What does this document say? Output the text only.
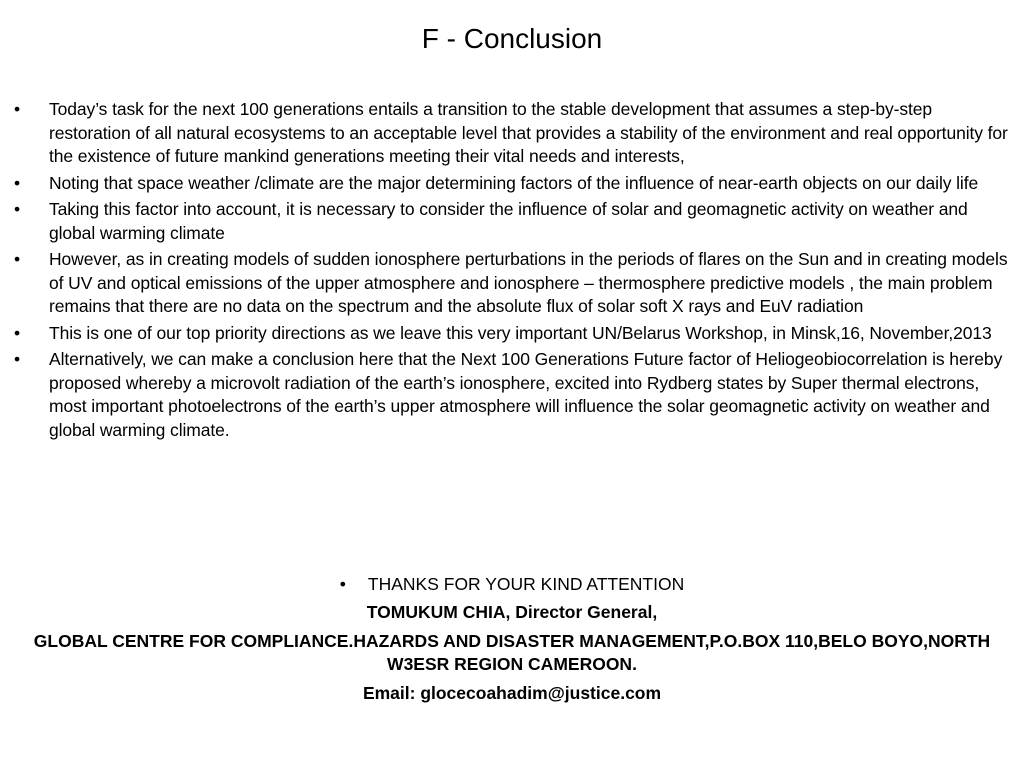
F - Conclusion
• Today’s task for the next 100 generations entails a transition to the stable development that assumes a step-by-step restoration of all natural ecosystems to an acceptable level that provides a stability of the environment and real opportunity for the existence of future mankind generations meeting their vital needs and interests,
• Noting that space weather /climate are the major determining factors of the influence of near-earth objects on our daily life
• Taking this factor into account, it is necessary to consider the influence of solar and geomagnetic activity on weather and global warming climate
• However, as in creating models of sudden ionosphere perturbations in the periods of flares on the Sun and in creating models of UV and optical emissions of the upper atmosphere and ionosphere – thermosphere predictive models , the main problem remains that there are no data on the spectrum and the absolute flux of solar soft X rays and EuV radiation
• This is one of our top priority directions as we leave this very important UN/Belarus Workshop, in Minsk,16, November,2013
• Alternatively, we can make a conclusion here that the Next 100 Generations Future factor of Heliogeobiocorrelation is hereby proposed whereby a microvolt radiation of the earth’s ionosphere, excited into Rydberg states by Super thermal electrons, most important photoelectrons of the earth’s upper atmosphere will influence the solar geomagnetic activity on weather and global warming climate.
• THANKS FOR YOUR KIND ATTENTION
TOMUKUM CHIA, Director General,
GLOBAL CENTRE FOR COMPLIANCE.HAZARDS AND DISASTER MANAGEMENT,P.O.BOX 110,BELO BOYO,NORTH W3ESR REGION CAMEROON.
Email: glocecoahadim@justice.com
